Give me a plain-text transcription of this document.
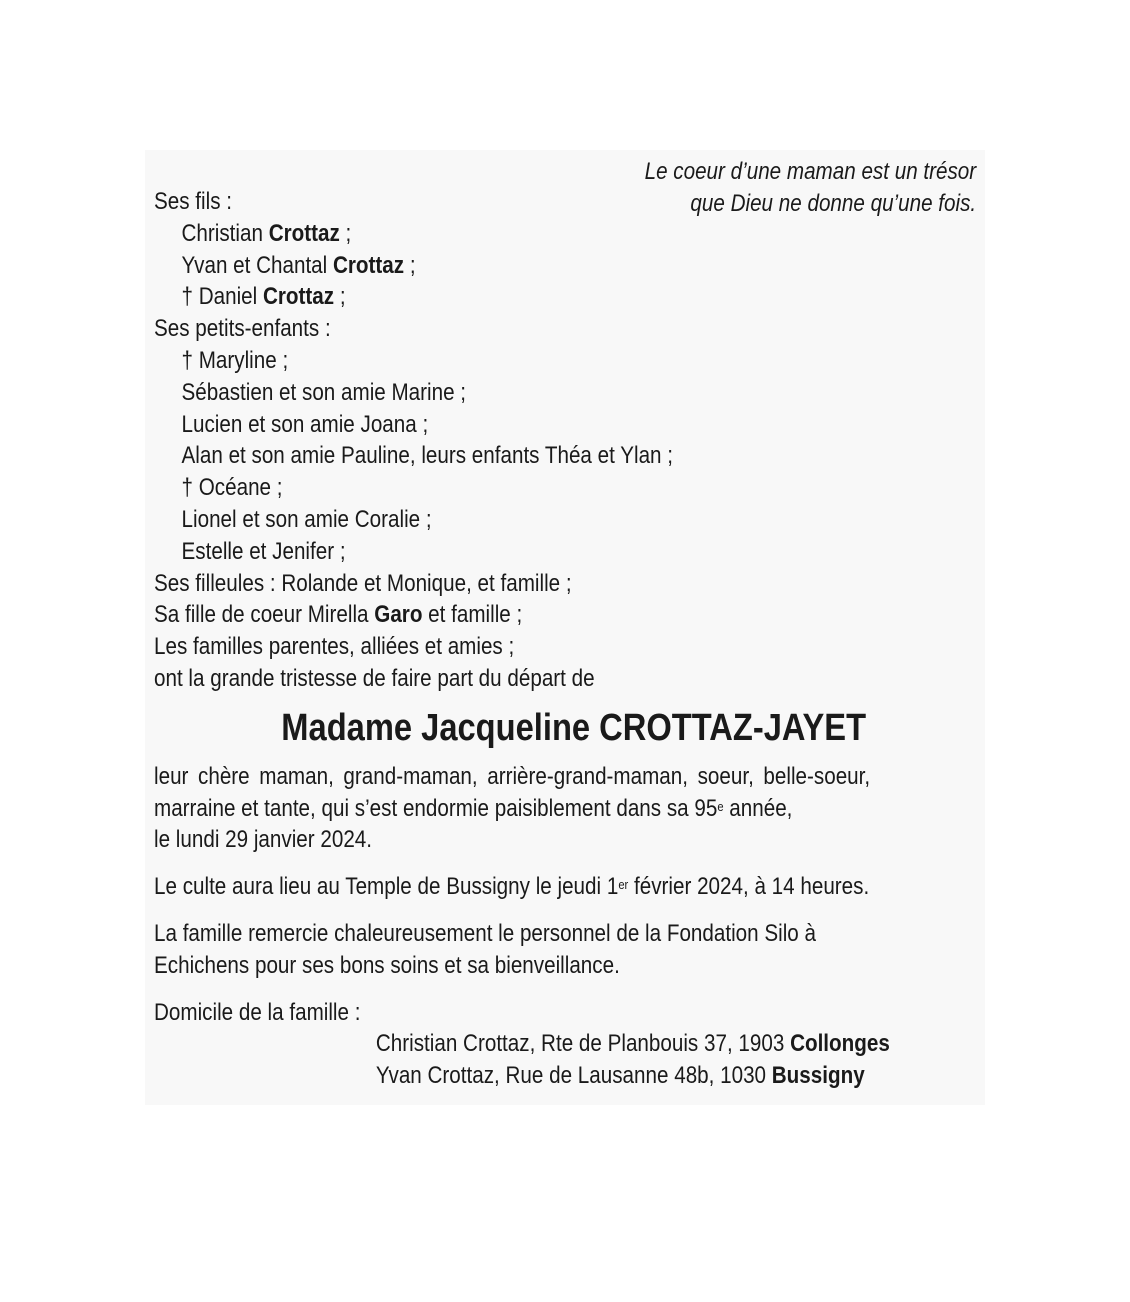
Le coeur d’une maman est un trésor
que Dieu ne donne qu’une fois.
Ses fils :
Christian Crottaz ;
Yvan et Chantal Crottaz ;
† Daniel Crottaz ;
Ses petits-enfants :
† Maryline ;
Sébastien et son amie Marine ;
Lucien et son amie Joana ;
Alan et son amie Pauline, leurs enfants Théa et Ylan ;
† Océane ;
Lionel et son amie Coralie ;
Estelle et Jenifer ;
Ses filleules : Rolande et Monique, et famille ;
Sa fille de coeur Mirella Garo et famille ;
Les familles parentes, alliées et amies ;
ont la grande tristesse de faire part du départ de
Madame Jacqueline CROTTAZ-JAYET
leur chère maman, grand-maman, arrière-grand-maman, soeur, belle-soeur,
marraine et tante, qui s’est endormie paisiblement dans sa 95e année,
le lundi 29 janvier 2024.
Le culte aura lieu au Temple de Bussigny le jeudi 1er février 2024, à 14 heures.
La famille remercie chaleureusement le personnel de la Fondation Silo à
Echichens pour ses bons soins et sa bienveillance.
Domicile de la famille :
Christian Crottaz, Rte de Planbouis 37, 1903 Collonges
Yvan Crottaz, Rue de Lausanne 48b, 1030 Bussigny
